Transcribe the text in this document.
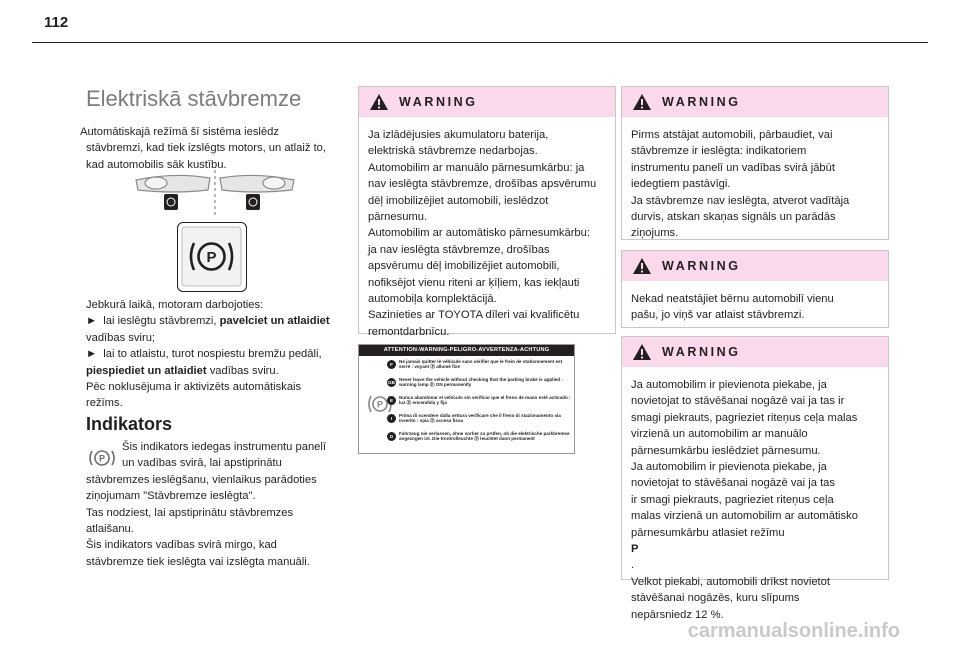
112
Elektriskā stāvbremze

Automātiskajā režīmā šī sistēma ieslēdz
stāvbremzi, kad tiek izslēgts motors, un atlaiž to,
kad automobilis sāk kustību.

P
Jebkurā laikā, motoram darbojoties:
► lai ieslēgtu stāvbremzi, pavelciet un atlaidiet
vadības sviru;
► lai to atlaistu, turot nospiestu bremžu pedāli,
piespiediet un atlaidiet vadības sviru.
Pēc noklusējuma ir aktivizēts automātiskais
režīms.
Indikators
P
Šis indikators iedegas instrumentu panelī
un vadības svirā, lai apstiprinātu
stāvbremzes ieslēgšanu, vienlaikus parādoties
ziņojumam "Stāvbremze ieslēgta".
Tas nodziest, lai apstiprinātu stāvbremzes
atlaišanu.
Šis indikators vadības svirā mirgo, kad
stāvbremze tiek ieslēgta vai izslēgta manuāli.
WARNING
Ja izlādējusies akumulatoru baterija,
elektriskā stāvbremze nedarbojas.
Automobilim ar manuālo pārnesumkārbu: ja
nav ieslēgta stāvbremze, drošības apsvērumu
dēļ imobilizējiet automobili, ieslēdzot
pārnesumu.
Automobilim ar automātisko pārnesumkārbu:
ja nav ieslēgta stāvbremze, drošības
apsvērumu dēļ imobilizējiet automobili,
nofiksējot vienu riteni ar ķīļiem, kas iekļauti
automobiļa komplektācijā.
Sazinieties ar TOYOTA dīleri vai kvalificētu
remontdarbnīcu.
ATTENTION-WARNING-PELIGRO-AVVERTENZA-ACHTUNG
P
F
Ne jamais quitter le véhicule sans vérifier que le frein de stationnement est serré : voyant ⓟ allumé fixe
GB
Never leave the vehicle without checking that the parking brake is applied : warning lamp ⓟ ON permanently
E
Nunca abandonar el vehículo sin verificar que el freno de mano esté activado : luz ⓟ encendida y fija
I
Prima di scendere dalla vettura verificare che il freno di stazionamento sia inserito : spia ⓟ accesa fissa
D
Fahrzeug nie verlassen, ohne vorher zu prüfen, ob die elektrische parkbremse angezogen ist. Die Kontrolleuchte ⓟ leuchtet dann permanent
WARNING
Pirms atstājat automobili, pārbaudiet, vai
stāvbremze ir ieslēgta: indikatoriem
instrumentu panelī un vadības svirā jābūt
iedegtiem pastāvīgi.
Ja stāvbremze nav ieslēgta, atverot vadītāja
durvis, atskan skaņas signāls un parādās
ziņojums.
WARNING
Nekad neatstājiet bērnu automobilī vienu
pašu, jo viņš var atlaist stāvbremzi.
WARNING
Ja automobilim ir pievienota piekabe, ja
novietojat to stāvēšanai nogāzē vai ja tas ir
smagi piekrauts, pagrieziet riteņus ceļa malas
virzienā un automobilim ar manuālo
pārnesumkārbu ieslēdziet pārnesumu.
Ja automobilim ir pievienota piekabe, ja
novietojat to stāvēšanai nogāzē vai ja tas
ir smagi piekrauts, pagrieziet riteņus ceļa
malas virzienā un automobilim ar automātisko
pārnesumkārbu atlasiet režīmu
P
.
Velkot piekabi, automobili drīkst novietot
stāvēšanai nogāzēs, kuru slīpums
nepārsniedz 12 %.
carmanualsonline.info
